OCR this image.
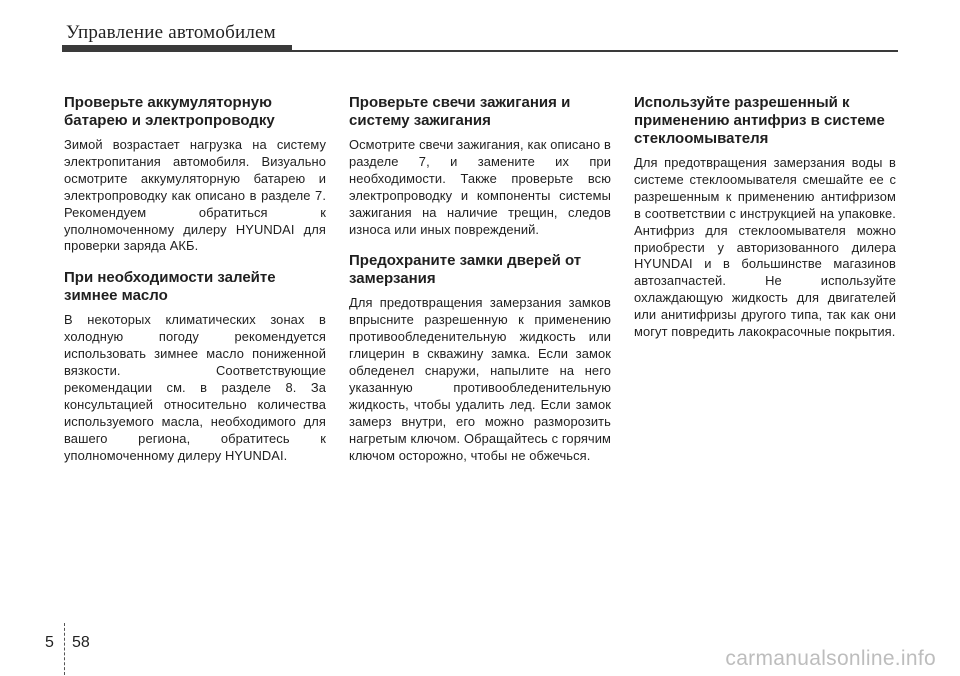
Управление автомобилем

Проверьте аккумуляторную батарею и электропроводку

Зимой возрастает нагрузка на систему электропитания автомобиля. Визуально осмотрите аккумуляторную батарею и электропроводку как описано в разделе 7. Рекомендуем обратиться к уполномоченному дилеру HYUNDAI для проверки заряда АКБ.

При необходимости залейте зимнее масло

В некоторых климатических зонах в холодную погоду рекомендуется использовать зимнее масло пониженной вязкости. Соответствующие рекомендации см. в разделе 8. За консультацией относительно количества используемого масла, необходимого для вашего региона, обратитесь к уполномоченному дилеру HYUNDAI.

Проверьте свечи зажигания и систему зажигания

Осмотрите свечи зажигания, как описано в разделе 7, и замените их при необходимости. Также проверьте всю электропроводку и компоненты системы зажигания на наличие трещин, следов износа или иных повреждений.

Предохраните замки дверей от замерзания

Для предотвращения замерзания замков впрысните разрешенную к применению противообледенительную жидкость или глицерин в скважину замка. Если замок обледенел снаружи, напылите на него указанную противообледенительную жидкость, чтобы удалить лед. Если замок замерз внутри, его можно разморозить нагретым ключом. Обращайтесь с горячим ключом осторожно, чтобы не обжечься.

Используйте разрешенный к применению антифриз в системе стеклоомывателя

Для предотвращения замерзания воды в системе стеклоомывателя смешайте ее с разрешенным к применению антифризом в соответствии с инструкцией на упаковке. Антифриз для стеклоомывателя можно приобрести у авторизованного дилера HYUNDAI и в большинстве магазинов автозапчастей. Не используйте охлаждающую жидкость для двигателей или анитифризы другого типа, так как они могут повредить лакокрасочные покрытия.

5 58
carmanualsonline.info
